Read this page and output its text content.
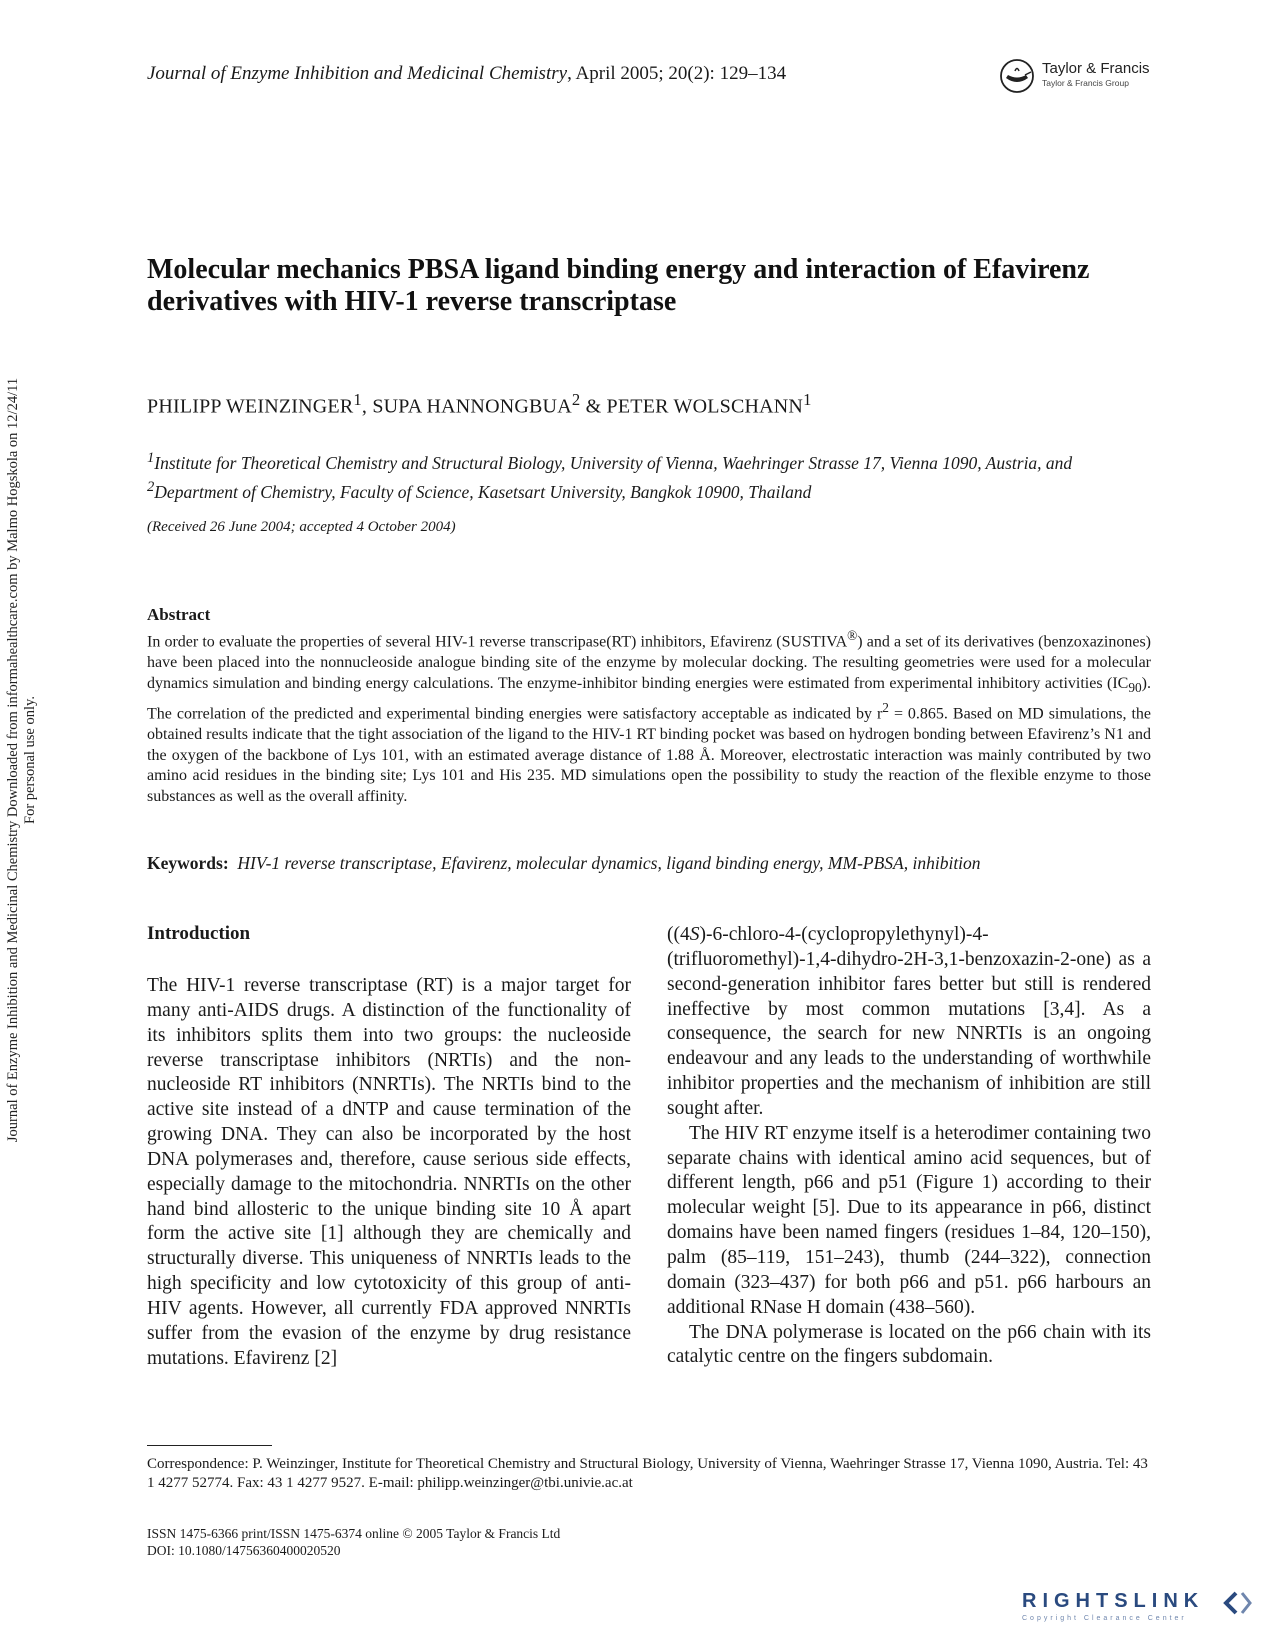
Journal of Enzyme Inhibition and Medicinal Chemistry Downloaded from informahealthcare.com by Malmo Hogskola on 12/24/11 For personal use only.
Journal of Enzyme Inhibition and Medicinal Chemistry, April 2005; 20(2): 129–134	Taylor & Francis
Taylor & Francis Group
Molecular mechanics PBSA ligand binding energy and interaction of Efavirenz derivatives with HIV-1 reverse transcriptase
PHILIPP WEINZINGER$^1$, SUPA HANNONGBUA$^2$ & PETER WOLSCHANN$^1$
$^1$Institute for Theoretical Chemistry and Structural Biology, University of Vienna, Waehringer Strasse 17, Vienna 1090, Austria, and $^2$Department of Chemistry, Faculty of Science, Kasetsart University, Bangkok 10900, Thailand
(Received 26 June 2004; accepted 4 October 2004)
Abstract
In order to evaluate the properties of several HIV-1 reverse transcripase(RT) inhibitors, Efavirenz (SUSTIVA®) and a set of its derivatives (benzoxazinones) have been placed into the nonnucleoside analogue binding site of the enzyme by molecular docking. The resulting geometries were used for a molecular dynamics simulation and binding energy calculations. The enzyme-inhibitor binding energies were estimated from experimental inhibitory activities $(IC_{90})$. The correlation of the predicted and experimental binding energies were satisfactory acceptable as indicated by $r^2 = 0.865$. Based on MD simulations, the obtained results indicate that the tight association of the ligand to the HIV-1 RT binding pocket was based on hydrogen bonding between Efavirenz’s N1 and the oxygen of the backbone of Lys 101, with an estimated average distance of 1.88 Å. Moreover, electrostatic interaction was mainly contributed by two amino acid residues in the binding site; Lys 101 and His 235. MD simulations open the possibility to study the reaction of the flexible enzyme to those substances as well as the overall affinity.
Keywords: HIV-1 reverse transcriptase, Efavirenz, molecular dynamics, ligand binding energy, MM-PBSA, inhibition
Introduction

The HIV-1 reverse transcriptase (RT) is a major target for many anti-AIDS drugs. A distinction of the functionality of its inhibitors splits them into two groups: the nucleoside reverse transcriptase inhibitors (NRTIs) and the non-nucleoside RT inhibitors (NNRTIs). The NRTIs bind to the active site instead of a dNTP and cause termination of the growing DNA. They can also be incorporated by the host DNA polymerases and, therefore, cause serious side effects, especially damage to the mitochondria. NNRTIs on the other hand bind allosteric to the unique binding site 10 Å apart form the active site [1] although they are chemically and structurally diverse. This uniqueness of NNRTIs leads to the high specificity and low cytotoxicity of this group of anti-HIV agents. However, all currently FDA approved NNRTIs suffer from the evasion of the enzyme by drug resistance mutations. Efavirenz [2]

((4S)-6-chloro-4-(cyclopropylethynyl)-4-(trifluoromethyl)-1,4-dihydro-2H-3,1-benzoxazin-2-one) as a second-generation inhibitor fares better but still is rendered ineffective by most common mutations [3,4]. As a consequence, the search for new NNRTIs is an ongoing endeavour and any leads to the understanding of worthwhile inhibitor properties and the mechanism of inhibition are still sought after.

The HIV RT enzyme itself is a heterodimer containing two separate chains with identical amino acid sequences, but of different length, p66 and p51 (Figure 1) according to their molecular weight [5]. Due to its appearance in p66, distinct domains have been named fingers (residues 1–84, 120–150), palm (85–119, 151–243), thumb (244–322), connection domain (323–437) for both p66 and p51. p66 harbours an additional RNase H domain (438–560).

The DNA polymerase is located on the p66 chain with its catalytic centre on the fingers subdomain.

Correspondence: P. Weinzinger, Institute for Theoretical Chemistry and Structural Biology, University of Vienna, Waehringer Strasse 17, Vienna 1090, Austria. Tel: 43 1 4277 52774. Fax: 43 1 4277 9527. E-mail: philipp.weinzinger@tbi.univie.ac.at
ISSN 1475-6366 print/ISSN 1475-6374 online © 2005 Taylor & Francis Ltd
DOI: 10.1080/14756360400020520
RIGHTSLINK
Copyright Clearance Center
